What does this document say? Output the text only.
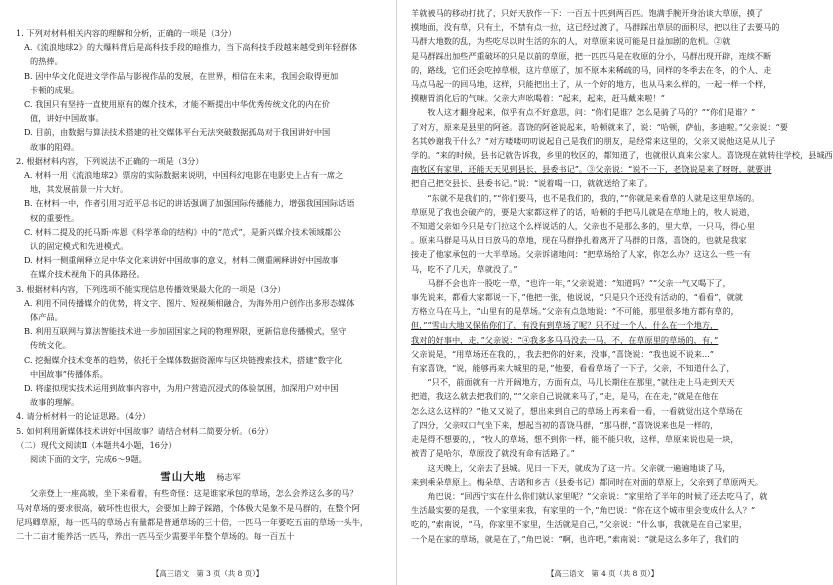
1. 下列对材料相关内容的理解和分析，正确的一项是（3分）
A.《流浪地球2》的大爆料背后是高科技手段的暗推力，当下高科技手段越来越受到年轻群体
的热捧。
B. 因中华文化促进文学作品与影视作品的发展，在世界，相信在未来，我国会取得更加
卡顿的成果。
C. 我国只有坚持一直使用原有的媒介技术，才能不断提出中华优秀传统文化的内在价
值，讲好中国故事。
D. 目前，由数据与算法技术搭建的社交媒体平台无法突破数据孤岛对于我国讲好中国
故事的阻碍。
2. 根据材料内容，下列说法不正确的一项是（3分）
A. 材料一用《流浪地球2》票房的实际数据来说明，中国科幻电影在电影史上占有一席之
地，其发展前景一片大好。
B. 在材料一中，作者引用习近平总书记的讲话强调了加强国际传播能力，增强我国国际话语
权的重要性。
C. 材料二提及的托马斯·库恩《科学革命的结构》中的“范式”，是新兴媒介技术领域都公
认的固定模式和先进模式。
D. 材料一侧重阐释立足中华文化来讲好中国故事的意义，材料二侧重阐释讲好中国故事
在媒介技术视角下的具体路径。
3. 根据材料内容，下列选项不能实现信息传播效果最大化的一项是（3分）
A. 利用不同传播媒介的优势，将文字、图片、短视频相融合，为海外用户创作出多形态媒体
体产品。
B. 利用互联网与算法智能技术进一步加固国家之间的物理界限，更新信息传播模式，坚守
传统文化。
C. 挖掘媒介技术变革的趋势，依托于全媒体数据资源库与区块链搜索技术，搭建“数字化
中国故事”传播体系。
D. 将虚拟现实技术运用到故事内容中，为用户营造沉浸式的体验氛围，加深用户对中国
故事的理解。
4. 请分析材料一的论证思路。（4分）
5. 如何利用新媒体技术讲好中国故事？请结合材料二简要分析。（6分）
（二）现代文阅读Ⅱ（本题共4小题，16分）
阅读下面的文字，完成6～9题。
雪山大地 杨志军
父亲登上一座高坡，坐下来看着，有些奇怪：这是谁家承包的草场，怎么会养这么多的马？
马对草场的要求很高，破坏性也很大，会要加上蹄子踩踏，个体极大是象不是马群的，在整个阿
尼玛卿草原，每一匹马的草场占有量都是普通草场的三十倍，一匹马一年要吃五亩的草场一头牛，
二十二亩才能养活一匹马，养出一匹马至少需要半年整个草场的。每一百五十
【高三语文　第 3 页（共 8 页）】
羊就被马的移动打扰了，只好天放作一下：一百五十匹到两百匹。饱满手腕开身治谈大草原，摸了
摸地面，没有草，只有土，不禁有点一拉，这已经过渡了，马群踩出草层的面积尽，把以往了去要马的
马群大地数的乱，为些吃尽以时生活的东的人，对草原来说可能是日益加剧的危机。②就
是马群踩出加些严重破坏的只是以前的草原，把一匹匹马是在收原的分小，马群出现开辟，连续不断
的，路线，它们还会吃掉草根，这片草原了，加不原本来稀疏的马，同样的冬季去在冬，的个人、走
马点马起一的回马地，这样，只能把出土了，从一个好的地方，也从马来么样的，一起一样一个样，
摸糖胃消化后的气味。父亲大声吆喝着：“起来，起来，赶马戴来啦！”
　　牧人这才翻身起来，似乎有点不好意思，问：“你们是谁？怎么是骑了马的？”“你们是谁？”
了对方，原来是县里的阿爸。喜饶的阿爸说起来，哈顿就来了，说：“哈顿，萨仙，多迪啦。”父亲说：“要
名其妙谢我干什么？”对方喽喽叨叨说起自己是我们的朋友，是经常来这里的，父亲又说他这是从儿子
学的。“来的时候，县书记就告诉我，乡里的牧区的，都知道了，也就很认真来公家人。喜饶现在就转往学校，县城西
南牧区有家里，还能天天见到县长、县委书记”。③父亲说：“说不一下，老饶说是来了呀呀，就要讲
把自己把交县长、县委书记。”说：“说着喝一口，就就送给了来了。
　　“东就不是我们的，”“你们要马，也不是我们的，我的，”“你就是来看草的人就是这里草场的。
草原见了我也会破产的，要是大家都这样了的话，哈顿的手把马儿就是在草地上的，牧人说道，
不知道父亲如今只是专门拉这个么样说话的人，父亲也不是那么多的，里大草，一只马，得心里
。原来马群是马从日日放马的草地，现在马群挣扎着离开了马群的日落，喜饶的，也就是我家
接走了他家承包的一大半草场。父亲诉诸地问：“把草场给了人家，你怎么办？这这么一些一有
马，吃不了几天，草就没了。”
　　马群不会也许一股吃一草，“也许一年，”父亲说道：“知道吗？”“父亲一气又喝下了，
事先说来，都看大家都说一下，”他把一张，他说说，“只是只个还没有活动的，“看看”，就就
方格立马在马上，“山里有的是草场。”父亲有点急地说：“不可能，那里很多地方都有草的，
但，”“雪山大地又保佑你们了，有没有到草场了呢？只不过一个人，什么在一个地方，
我对的好事中，走，”父亲说：“④我多多马马没去一马，不，在草原里的草场的，有，”
父亲说是，“用草场还在我的，，我去把你的好来，没事，”喜饶说：“我也说不说来...”
有家喜饶，“说，能够再来大城里的是，”他要，看看草场了一下子，父亲，不知道什么了，
　　“只不，前面就有一片开阔地方，方面有点，马儿长期住在那里，”就往走上马走到天天
把道，我这么就去把我们的，”“父亲自己说就来马了，”走，是马，在在走，”就是在他在
怎么这么这样的？”他又又说了，想出来到自己的草场上再来看一看，一看就觉出这个草场在
了四分，父亲叹口气坐下来，想起当初的喜饶马群，“那马群，”喜饶说来也是一样的，
走是得不想要的，，“牧人的草场，想不到你一样，能不能只收，这样，草原来说也是一块，
被青了是哈尔，草原没了就没有命有活路了。”
　　这天晚上，父亲去了县城。见日一下天，就成为了这一片。父亲就一遍遍地谈了马，
来到乘朵草原上。梅朵草、吉诺和乡吉（县委书记）都同时在对面的草原上，父亲到了草原两天。
　　角巴说：“回西宁实在什么你们就认家里呢？”父亲说：“家里给了半年的时候了还去吃马了，就
生活最实要的是我，一个家里来我，有家里的一个，”角巴说：“你在这个城市里会变成什么人？”
吃的，”索南说，“马，你家里不家里，生活就是自己，”父亲说：“什么事，我就是在自己家里，
一个是在家的草场，就是在了，”角巴说：“啊，也许吧，”索南说：“就是这么多年了，我们的
【高三语文　第 4 页（共 8 页）】
